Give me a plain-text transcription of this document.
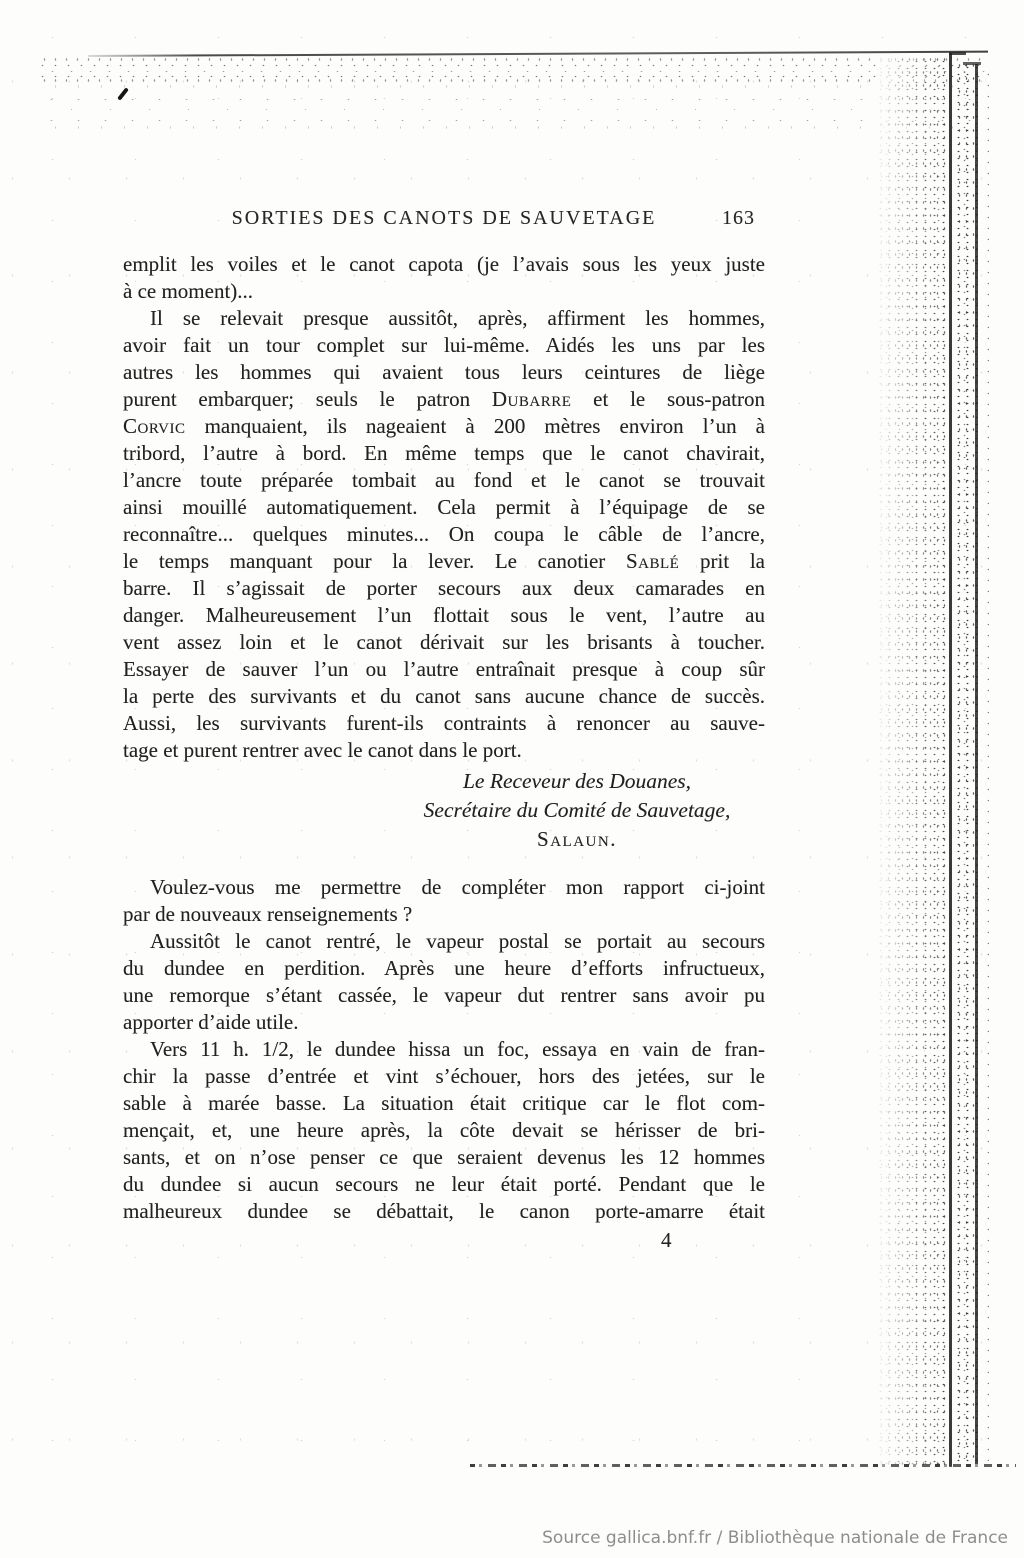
SORTIES DES CANOTS DE SAUVETAGE	163
emplit les voiles et le canot capota (je l’avais sous les yeux juste
à ce moment)...
Il se relevait presque aussitôt, après, affirment les hommes,
avoir fait un tour complet sur lui-même. Aidés les uns par les
autres les hommes qui avaient tous leurs ceintures de liège
purent embarquer; seuls le patron Dubarre et le sous-patron
Corvic manquaient, ils nageaient à 200 mètres environ l’un à
tribord, l’autre à bord. En même temps que le canot chavirait,
l’ancre toute préparée tombait au fond et le canot se trouvait
ainsi mouillé automatiquement. Cela permit à l’équipage de se
reconnaître... quelques minutes... On coupa le câble de l’ancre,
le temps manquant pour la lever. Le canotier Sablé prit la
barre. Il s’agissait de porter secours aux deux camarades en
danger. Malheureusement l’un flottait sous le vent, l’autre au
vent assez loin et le canot dérivait sur les brisants à toucher.
Essayer de sauver l’un ou l’autre entraînait presque à coup sûr
la perte des survivants et du canot sans aucune chance de succès.
Aussi, les survivants furent-ils contraints à renoncer au sauve-
tage et purent rentrer avec le canot dans le port.
Le Receveur des Douanes,
Secrétaire du Comité de Sauvetage,
Salaun.
Voulez-vous me permettre de compléter mon rapport ci-joint
par de nouveaux renseignements ?
Aussitôt le canot rentré, le vapeur postal se portait au secours
du dundee en perdition. Après une heure d’efforts infructueux,
une remorque s’étant cassée, le vapeur dut rentrer sans avoir pu
apporter d’aide utile.
Vers 11 h. 1/2, le dundee hissa un foc, essaya en vain de fran-
chir la passe d’entrée et vint s’échouer, hors des jetées, sur le
sable à marée basse. La situation était critique car le flot com-
mençait, et, une heure après, la côte devait se hérisser de bri-
sants, et on n’ose penser ce que seraient devenus les 12 hommes
du dundee si aucun secours ne leur était porté. Pendant que le
malheureux dundee se débattait, le canon porte-amarre était
4
Source gallica.bnf.fr / Bibliothèque nationale de France
